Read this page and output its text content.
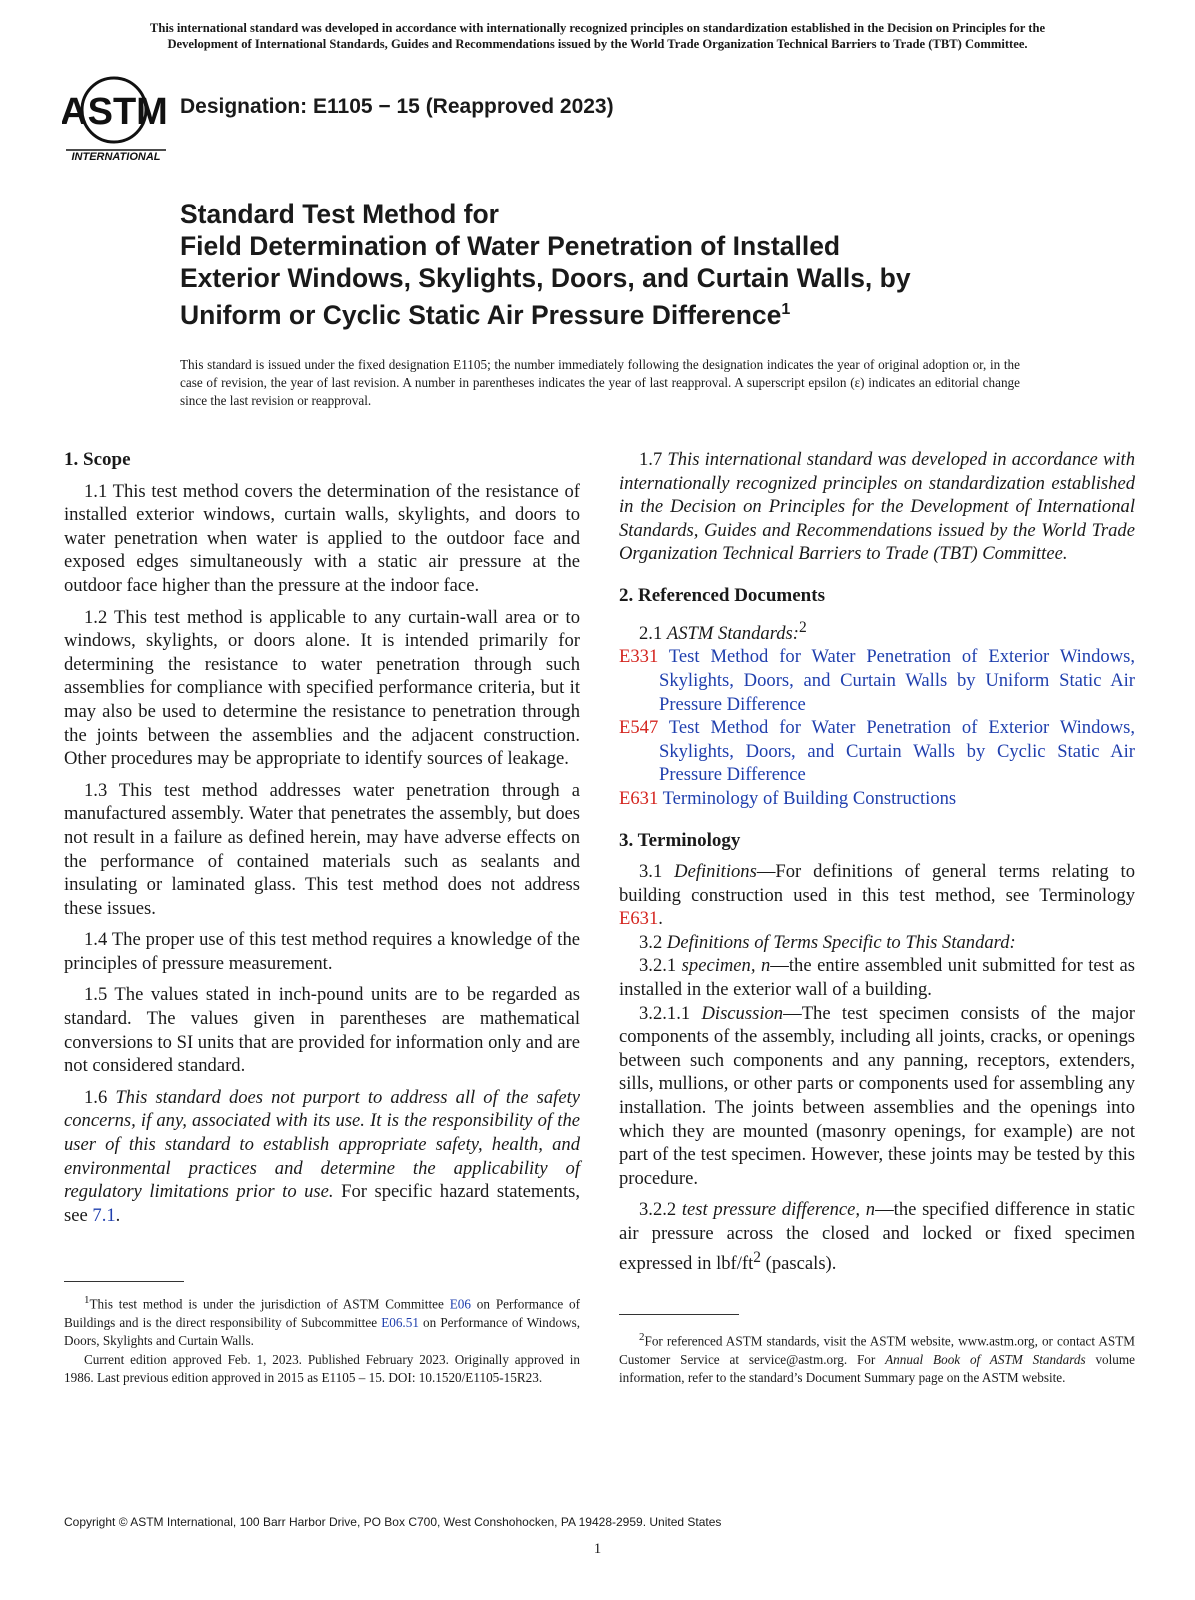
This international standard was developed in accordance with internationally recognized principles on standardization established in the Decision on Principles for the
Development of International Standards, Guides and Recommendations issued by the World Trade Organization Technical Barriers to Trade (TBT) Committee.
ASTM
INTERNATIONAL
Designation: E1105 − 15 (Reapproved 2023)
Standard Test Method for
Field Determination of Water Penetration of Installed
Exterior Windows, Skylights, Doors, and Curtain Walls, by
Uniform or Cyclic Static Air Pressure Difference$^1$
This standard is issued under the fixed designation E1105; the number immediately following the designation indicates the year of original adoption or, in the case of revision, the year of last revision. A number in parentheses indicates the year of last reapproval. A superscript epsilon (ε) indicates an editorial change since the last revision or reapproval.
1. Scope

1.1 This test method covers the determination of the resistance of installed exterior windows, curtain walls, skylights, and doors to water penetration when water is applied to the outdoor face and exposed edges simultaneously with a static air pressure at the outdoor face higher than the pressure at the indoor face.

1.2 This test method is applicable to any curtain-wall area or to windows, skylights, or doors alone. It is intended primarily for determining the resistance to water penetration through such assemblies for compliance with specified performance criteria, but it may also be used to determine the resistance to penetration through the joints between the assemblies and the adjacent construction. Other procedures may be appropriate to identify sources of leakage.

1.3 This test method addresses water penetration through a manufactured assembly. Water that penetrates the assembly, but does not result in a failure as defined herein, may have adverse effects on the performance of contained materials such as sealants and insulating or laminated glass. This test method does not address these issues.

1.4 The proper use of this test method requires a knowledge of the principles of pressure measurement.

1.5 The values stated in inch-pound units are to be regarded as standard. The values given in parentheses are mathematical conversions to SI units that are provided for information only and are not considered standard.

1.6 This standard does not purport to address all of the safety concerns, if any, associated with its use. It is the responsibility of the user of this standard to establish appropriate safety, health, and environmental practices and determine the applicability of regulatory limitations prior to use. For specific hazard statements, see 7.1.

$^1$This test method is under the jurisdiction of ASTM Committee E06 on Performance of Buildings and is the direct responsibility of Subcommittee E06.51 on Performance of Windows, Doors, Skylights and Curtain Walls.

Current edition approved Feb. 1, 2023. Published February 2023. Originally approved in 1986. Last previous edition approved in 2015 as E1105 – 15. DOI: 10.1520/E1105-15R23.

1.7 This international standard was developed in accordance with internationally recognized principles on standardization established in the Decision on Principles for the Development of International Standards, Guides and Recommendations issued by the World Trade Organization Technical Barriers to Trade (TBT) Committee.

2. Referenced Documents

2.1 ASTM Standards:$^2$

E331 Test Method for Water Penetration of Exterior Windows, Skylights, Doors, and Curtain Walls by Uniform Static Air Pressure Difference

E547 Test Method for Water Penetration of Exterior Windows, Skylights, Doors, and Curtain Walls by Cyclic Static Air Pressure Difference

E631 Terminology of Building Constructions

3. Terminology

3.1 Definitions—For definitions of general terms relating to building construction used in this test method, see Terminology E631.

3.2 Definitions of Terms Specific to This Standard:

3.2.1 specimen, n—the entire assembled unit submitted for test as installed in the exterior wall of a building.

3.2.1.1 Discussion—The test specimen consists of the major components of the assembly, including all joints, cracks, or openings between such components and any panning, receptors, extenders, sills, mullions, or other parts or components used for assembling any installation. The joints between assemblies and the openings into which they are mounted (masonry openings, for example) are not part of the test specimen. However, these joints may be tested by this procedure.

3.2.2 test pressure difference, n—the specified difference in static air pressure across the closed and locked or fixed specimen expressed in lbf/$ft^2$ (pascals).

$^2$For referenced ASTM standards, visit the ASTM website, www.astm.org, or contact ASTM Customer Service at service@astm.org. For Annual Book of ASTM Standards volume information, refer to the standard’s Document Summary page on the ASTM website.

Copyright © ASTM International, 100 Barr Harbor Drive, PO Box C700, West Conshohocken, PA 19428-2959. United States
1
